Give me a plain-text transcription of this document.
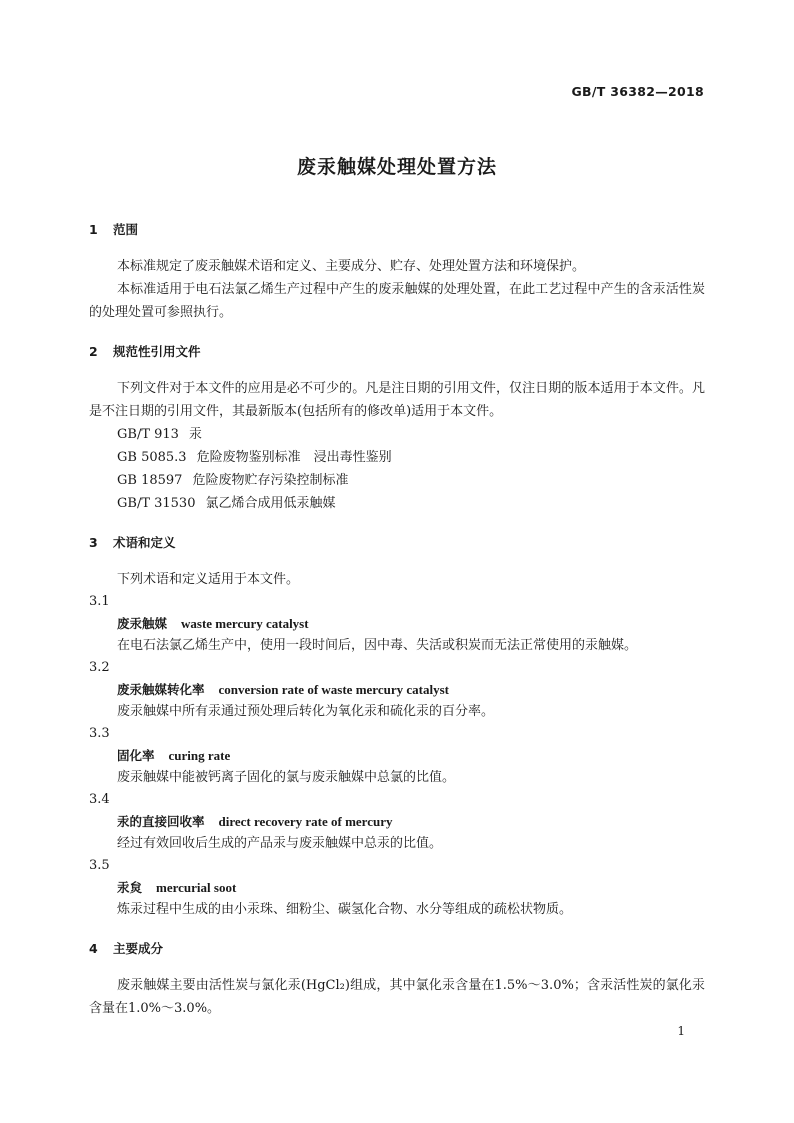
GB/T 36382—2018
废汞触媒处理处置方法

1 范围

本标准规定了废汞触媒术语和定义、主要成分、贮存、处理处置方法和环境保护。

本标准适用于电石法氯乙烯生产过程中产生的废汞触媒的处理处置，在此工艺过程中产生的含汞活性炭的处理处置可参照执行。

2 规范性引用文件

下列文件对于本文件的应用是必不可少的。凡是注日期的引用文件，仅注日期的版本适用于本文件。凡是不注日期的引用文件，其最新版本(包括所有的修改单)适用于本文件。

GB/T 913 汞

GB 5085.3 危险废物鉴别标准　浸出毒性鉴别

GB 18597 危险废物贮存污染控制标准

GB/T 31530 氯乙烯合成用低汞触媒

3 术语和定义

下列术语和定义适用于本文件。

3.1

废汞触媒 waste mercury catalyst

在电石法氯乙烯生产中，使用一段时间后，因中毒、失活或积炭而无法正常使用的汞触媒。

3.2

废汞触媒转化率 conversion rate of waste mercury catalyst

废汞触媒中所有汞通过预处理后转化为氧化汞和硫化汞的百分率。

3.3

固化率 curing rate

废汞触媒中能被钙离子固化的氯与废汞触媒中总氯的比值。

3.4

汞的直接回收率 direct recovery rate of mercury

经过有效回收后生成的产品汞与废汞触媒中总汞的比值。

3.5

汞炱 mercurial soot

炼汞过程中生成的由小汞珠、细粉尘、碳氢化合物、水分等组成的疏松状物质。

4 主要成分

废汞触媒主要由活性炭与氯化汞(HgCl₂)组成，其中氯化汞含量在1.5%～3.0%；含汞活性炭的氯化汞含量在1.0%～3.0%。

1
